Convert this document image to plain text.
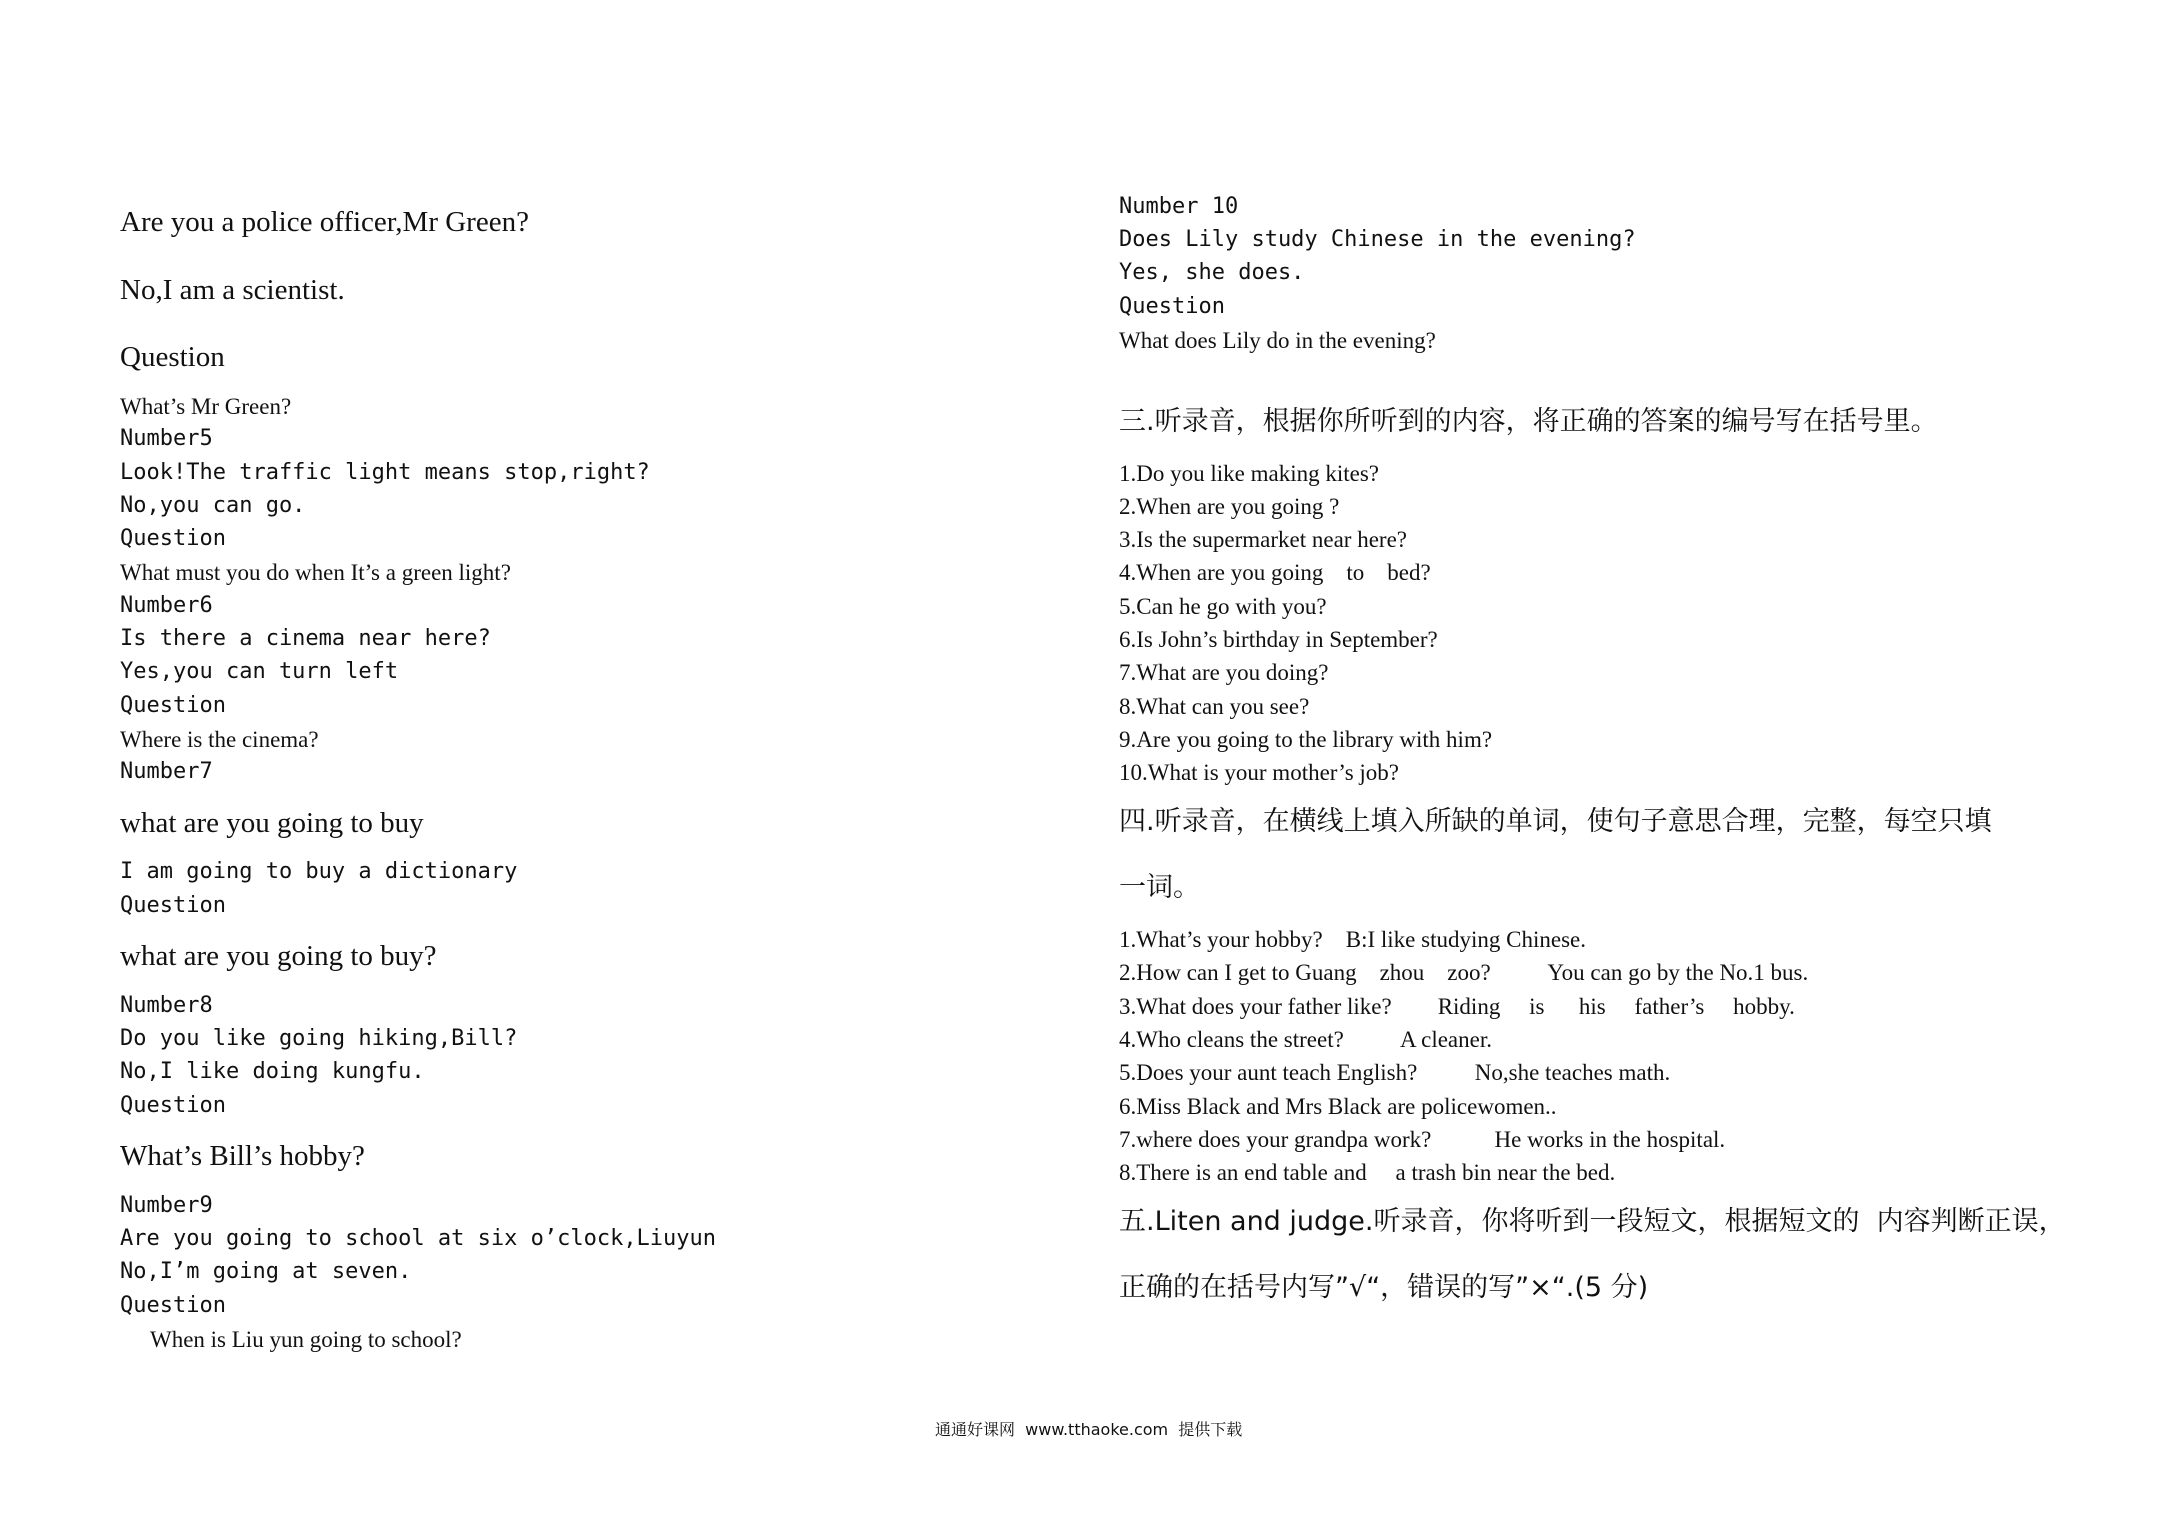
Are you a police officer,Mr Green?
No,I am a scientist.
Question
What’s Mr Green?
Number5
Look!The traffic light means stop,right?
No,you can go.
Question
What must you do when It’s a green light?
Number6
Is there a cinema near here?
Yes,you can turn left
Question
Where is the cinema?
Number7
what are you going to buy
I am going to buy a dictionary
Question
what are you going to buy?
Number8
Do you like going hiking,Bill?
No,I like doing kungfu.
Question
What’s Bill’s hobby?
Number9
Are you going to school at six o’clock,Liuyun
No,I’m going at seven.
Question
When is Liu yun going to school?
Number 10
Does Lily study Chinese in the evening?
Yes, she does.
Question
What does Lily do in the evening?
三.听录音，根据你所听到的内容，将正确的答案的编号写在括号里。
1.Do you like making kites?
2.When are you going ?
3.Is the supermarket near here?
4.When are you going    to    bed?
5.Can he go with you?
6.Is John’s birthday in September?
7.What are you doing?
8.What can you see?
9.Are you going to the library with him?
10.What is your mother’s job?
四.听录音，在横线上填入所缺的单词，使句子意思合理，完整，每空只填
一词。
1.What’s your hobby?    B:I like studying Chinese.
2.How can I get to Guang    zhou    zoo?          You can go by the No.1 bus.
3.What does your father like?        Riding     is      his     father’s     hobby.
4.Who cleans the street?          A cleaner.
5.Does your aunt teach English?          No,she teaches math.
6.Miss Black and Mrs Black are policewomen..
7.where does your grandpa work?           He works in the hospital.
8.There is an end table and     a trash bin near the bed.
五.Liten and judge.听录音，你将听到一段短文，根据短文的  内容判断正误，
正确的在括号内写”√“，错误的写”×“.(5 分)
通通好课网  www.tthaoke.com  提供下载
